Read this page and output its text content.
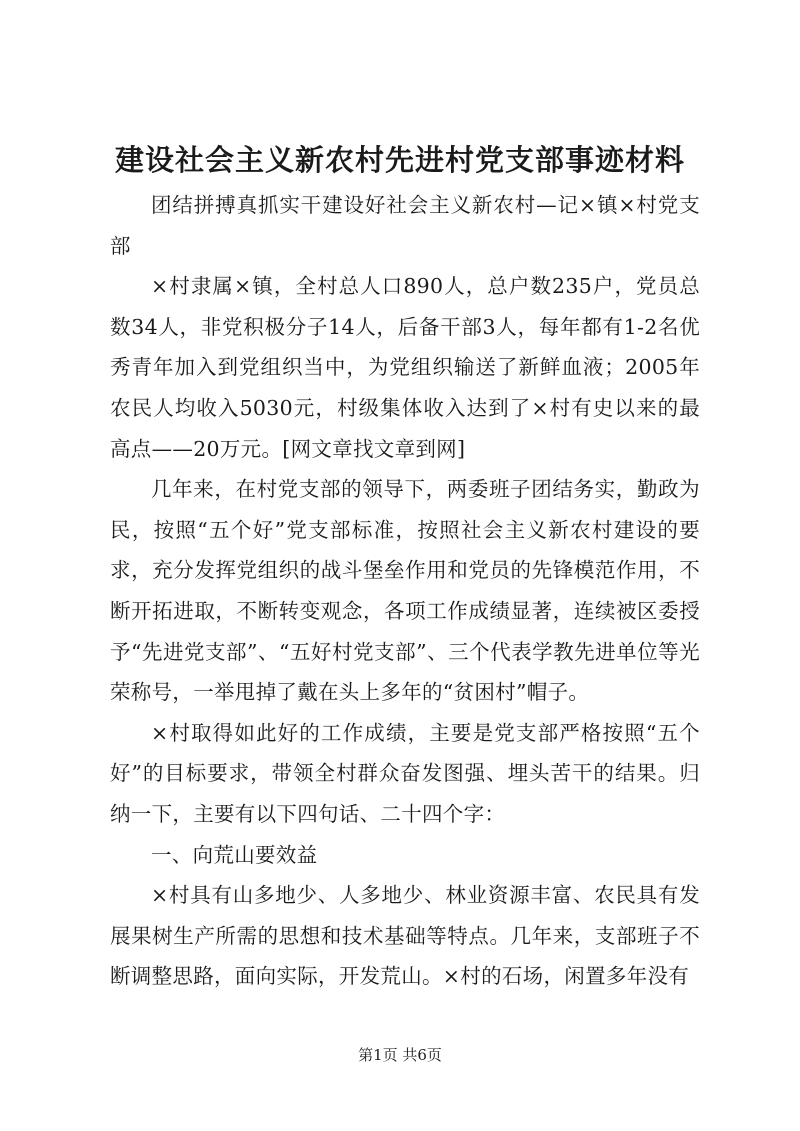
建设社会主义新农村先进村党支部事迹材料

团结拼搏真抓实干建设好社会主义新农村—记×镇×村党支部

×村隶属×镇，全村总人口890人，总户数235户，党员总数34人，非党积极分子14人，后备干部3人，每年都有1-2名优秀青年加入到党组织当中，为党组织输送了新鲜血液；2005年农民人均收入5030元，村级集体收入达到了×村有史以来的最高点——20万元。[网文章找文章到网]

几年来，在村党支部的领导下，两委班子团结务实，勤政为民，按照“五个好”党支部标准，按照社会主义新农村建设的要求，充分发挥党组织的战斗堡垒作用和党员的先锋模范作用，不断开拓进取，不断转变观念，各项工作成绩显著，连续被区委授予“先进党支部”、“五好村党支部”、三个代表学教先进单位等光荣称号，一举甩掉了戴在头上多年的“贫困村”帽子。

×村取得如此好的工作成绩，主要是党支部严格按照“五个好”的目标要求，带领全村群众奋发图强、埋头苦干的结果。归纳一下，主要有以下四句话、二十四个字：

一、向荒山要效益

×村具有山多地少、人多地少、林业资源丰富、农民具有发展果树生产所需的思想和技术基础等特点。几年来，支部班子不断调整思路，面向实际，开发荒山。×村的石场，闲置多年没有

第1页 共6页
